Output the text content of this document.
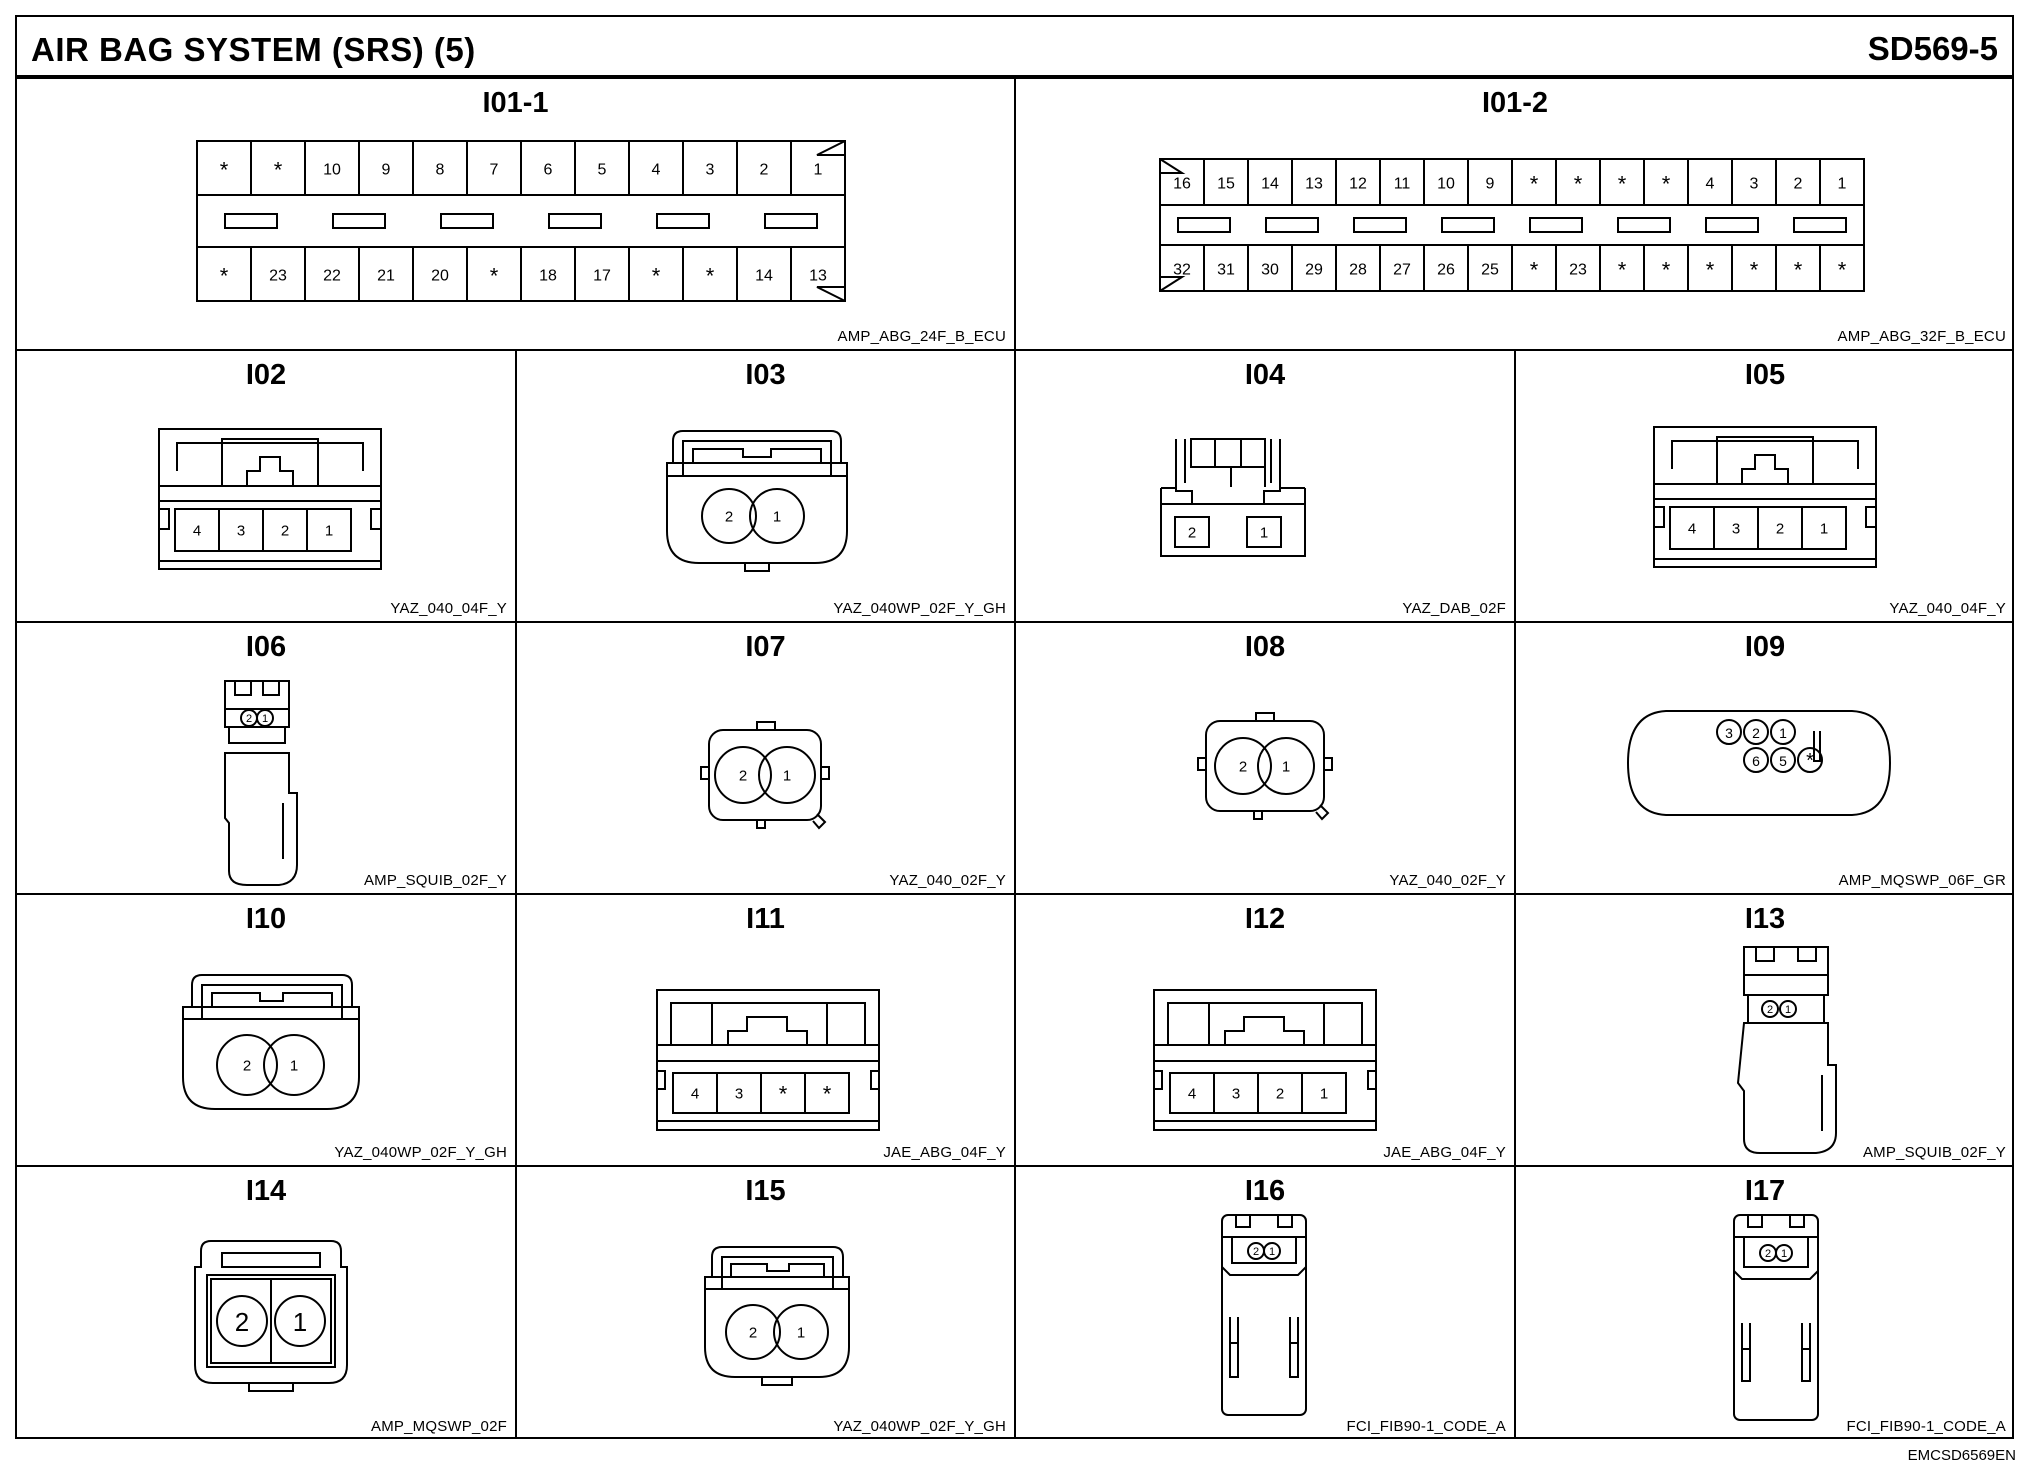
AIR BAG SYSTEM (SRS) (5)	SD569-5
I01-1
* *	10	9	8	7	6	5	4	3	2	1
*	23 22 21 20 *	18 17 * *	14 13
AMP_ABG_24F_B_ECU
I01-2
16 15 14 13 12 11 10 9 * * * * 4 3 2 1
32 31 30 29 28 27 26 25 * 23 * * * * * *
AMP_ABG_32F_B_ECU
I02
4 3 2 1
YAZ_040_04F_Y
I03
2	1
YAZ_040WP_02F_Y_GH
I04
2	1
YAZ_DAB_02F
I05
4 3 2 1
YAZ_040_04F_Y
I06
2 1
AMP_SQUIB_02F_Y
I07
2 1
YAZ_040_02F_Y
I08
2 1
YAZ_040_02F_Y
I09
3 2 1
6 5 *
AMP_MQSWP_06F_GR
I10
2	1
YAZ_040WP_02F_Y_GH
I11
4 3 * *
JAE_ABG_04F_Y
I12
4 3 2 1
JAE_ABG_04F_Y
I13
2 1
AMP_SQUIB_02F_Y
I14
2 1
AMP_MQSWP_02F
I15
2	1
YAZ_040WP_02F_Y_GH
I16
2 1
FCI_FIB90-1_CODE_A
I17
2 1
FCI_FIB90-1_CODE_A
EMCSD6569EN
